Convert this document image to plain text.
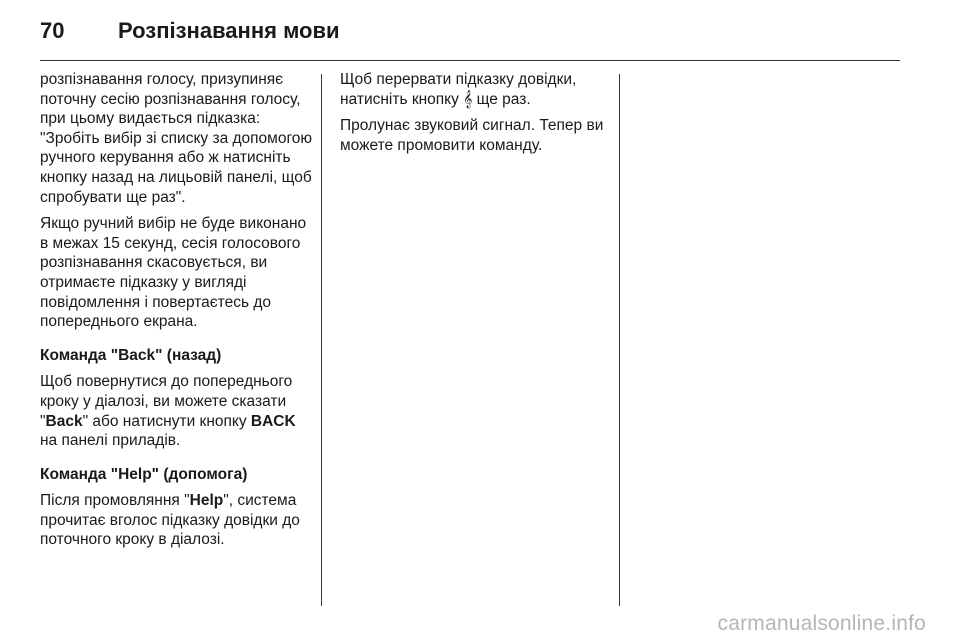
70 Розпізнавання мови

розпізнавання голосу, призупиняє поточну сесію розпізнавання голосу, при цьому видається підказка: "Зробіть вибір зі списку за допомогою ручного керування або ж натисніть кнопку назад на лицьовій панелі, щоб спробувати ще раз".

Якщо ручний вибір не буде виконано в межах 15 секунд, сесія голосового розпізнавання скасовується, ви отримаєте підказку у вигляді повідомлення і повертаєтесь до попереднього екрана.

Команда "Back" (назад)

Щоб повернутися до попереднього кроку у діалозі, ви можете сказати "Back" або натиснути кнопку BACK на панелі приладів.

Команда "Help" (допомога)

Після промовляння "Help", система прочитає вголос підказку довідки до поточного кроку в діалозі.

Щоб перервати підказку довідки, натисніть кнопку 𝄞 ще раз.

Пролунає звуковий сигнал. Тепер ви можете промовити команду.

carmanualsonline.info
